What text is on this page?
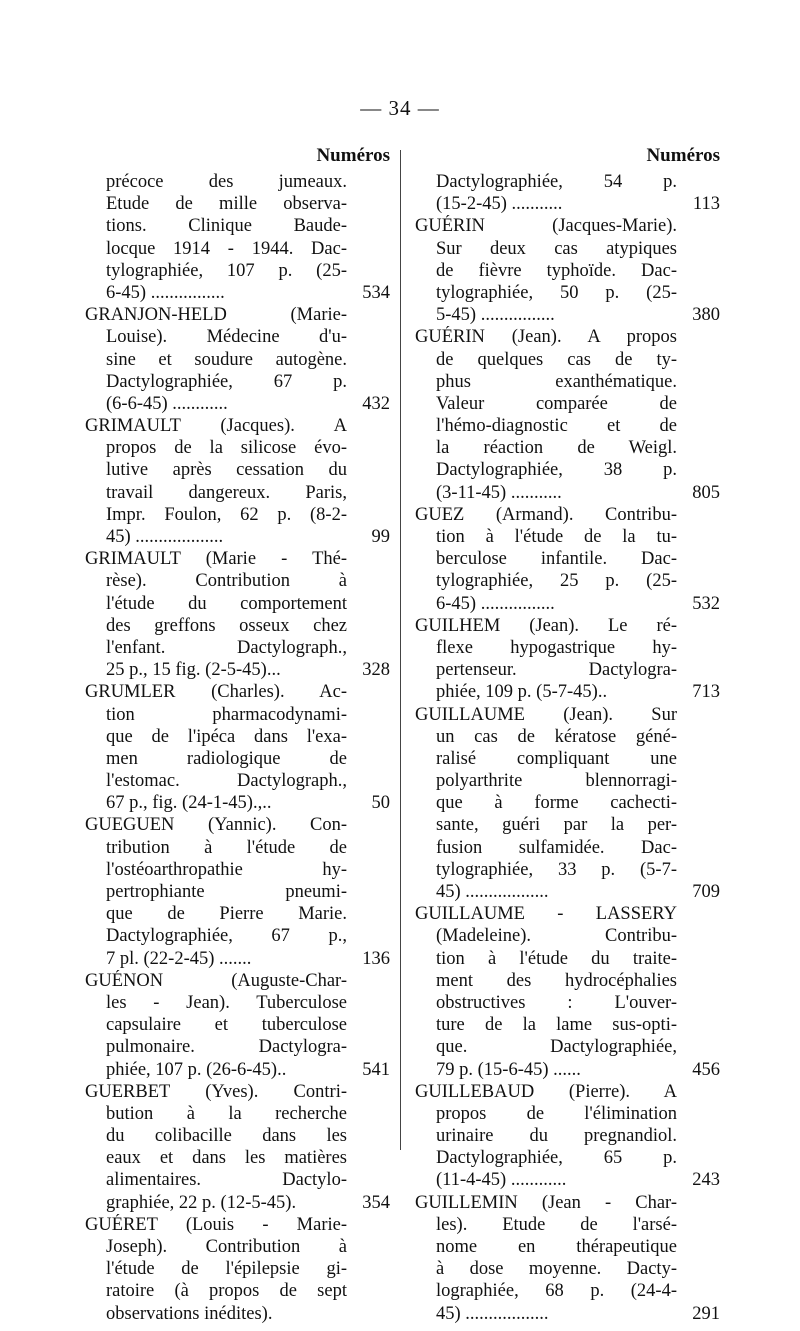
— 34 —
Numéros
précoce des jumeaux.
Etude de mille observa-
tions. Clinique Baude-
locque 1914 - 1944. Dac-
tylographiée, 107 p. (25-
6-45) ................	534
GRANJON-HELD (Marie-
Louise). Médecine d'u-
sine et soudure autogène.
Dactylographiée, 67 p.
(6-6-45) ............	432
GRIMAULT (Jacques). A
propos de la silicose évo-
lutive après cessation du
travail dangereux. Paris,
Impr. Foulon, 62 p. (8-2-
45) ...................	99
GRIMAULT (Marie - Thé-
rèse). Contribution à
l'étude du comportement
des greffons osseux chez
l'enfant. Dactylograph.,
25 p., 15 fig. (2-5-45)...	328
GRUMLER (Charles). Ac-
tion pharmacodynami-
que de l'ipéca dans l'exa-
men radiologique de
l'estomac. Dactylograph.,
67 p., fig. (24-1-45).,..	50
GUEGUEN (Yannic). Con-
tribution à l'étude de
l'ostéoarthropathie hy-
pertrophiante pneumi-
que de Pierre Marie.
Dactylographiée, 67 p.,
7 pl. (22-2-45) .......	136
GUÉNON (Auguste-Char-
les - Jean). Tuberculose
capsulaire et tuberculose
pulmonaire. Dactylogra-
phiée, 107 p. (26-6-45)..	541
GUERBET (Yves). Contri-
bution à la recherche
du colibacille dans les
eaux et dans les matières
alimentaires. Dactylo-
graphiée, 22 p. (12-5-45).	354
GUÉRET (Louis - Marie-
Joseph). Contribution à
l'étude de l'épilepsie gi-
ratoire (à propos de sept
observations inédites).
Numéros
Dactylographiée, 54 p.
(15-2-45) ...........	113
GUÉRIN (Jacques-Marie).
Sur deux cas atypiques
de fièvre typhoïde. Dac-
tylographiée, 50 p. (25-
5-45) ................	380
GUÉRIN (Jean). A propos
de quelques cas de ty-
phus exanthématique.
Valeur comparée de
l'hémo-diagnostic et de
la réaction de Weigl.
Dactylographiée, 38 p.
(3-11-45) ...........	805
GUEZ (Armand). Contribu-
tion à l'étude de la tu-
berculose infantile. Dac-
tylographiée, 25 p. (25-
6-45) ................	532
GUILHEM (Jean). Le ré-
flexe hypogastrique hy-
pertenseur. Dactylogra-
phiée, 109 p. (5-7-45)..	713
GUILLAUME (Jean). Sur
un cas de kératose géné-
ralisé compliquant une
polyarthrite blennorragi-
que à forme cachecti-
sante, guéri par la per-
fusion sulfamidée. Dac-
tylographiée, 33 p. (5-7-
45) ..................	709
GUILLAUME - LASSERY
(Madeleine). Contribu-
tion à l'étude du traite-
ment des hydrocéphalies
obstructives : L'ouver-
ture de la lame sus-opti-
que. Dactylographiée,
79 p. (15-6-45) ......	456
GUILLEBAUD (Pierre). A
propos de l'élimination
urinaire du pregnandiol.
Dactylographiée, 65 p.
(11-4-45) ............	243
GUILLEMIN (Jean - Char-
les). Etude de l'arsé-
nome en thérapeutique
à dose moyenne. Dacty-
lographiée, 68 p. (24-4-
45) ..................	291
